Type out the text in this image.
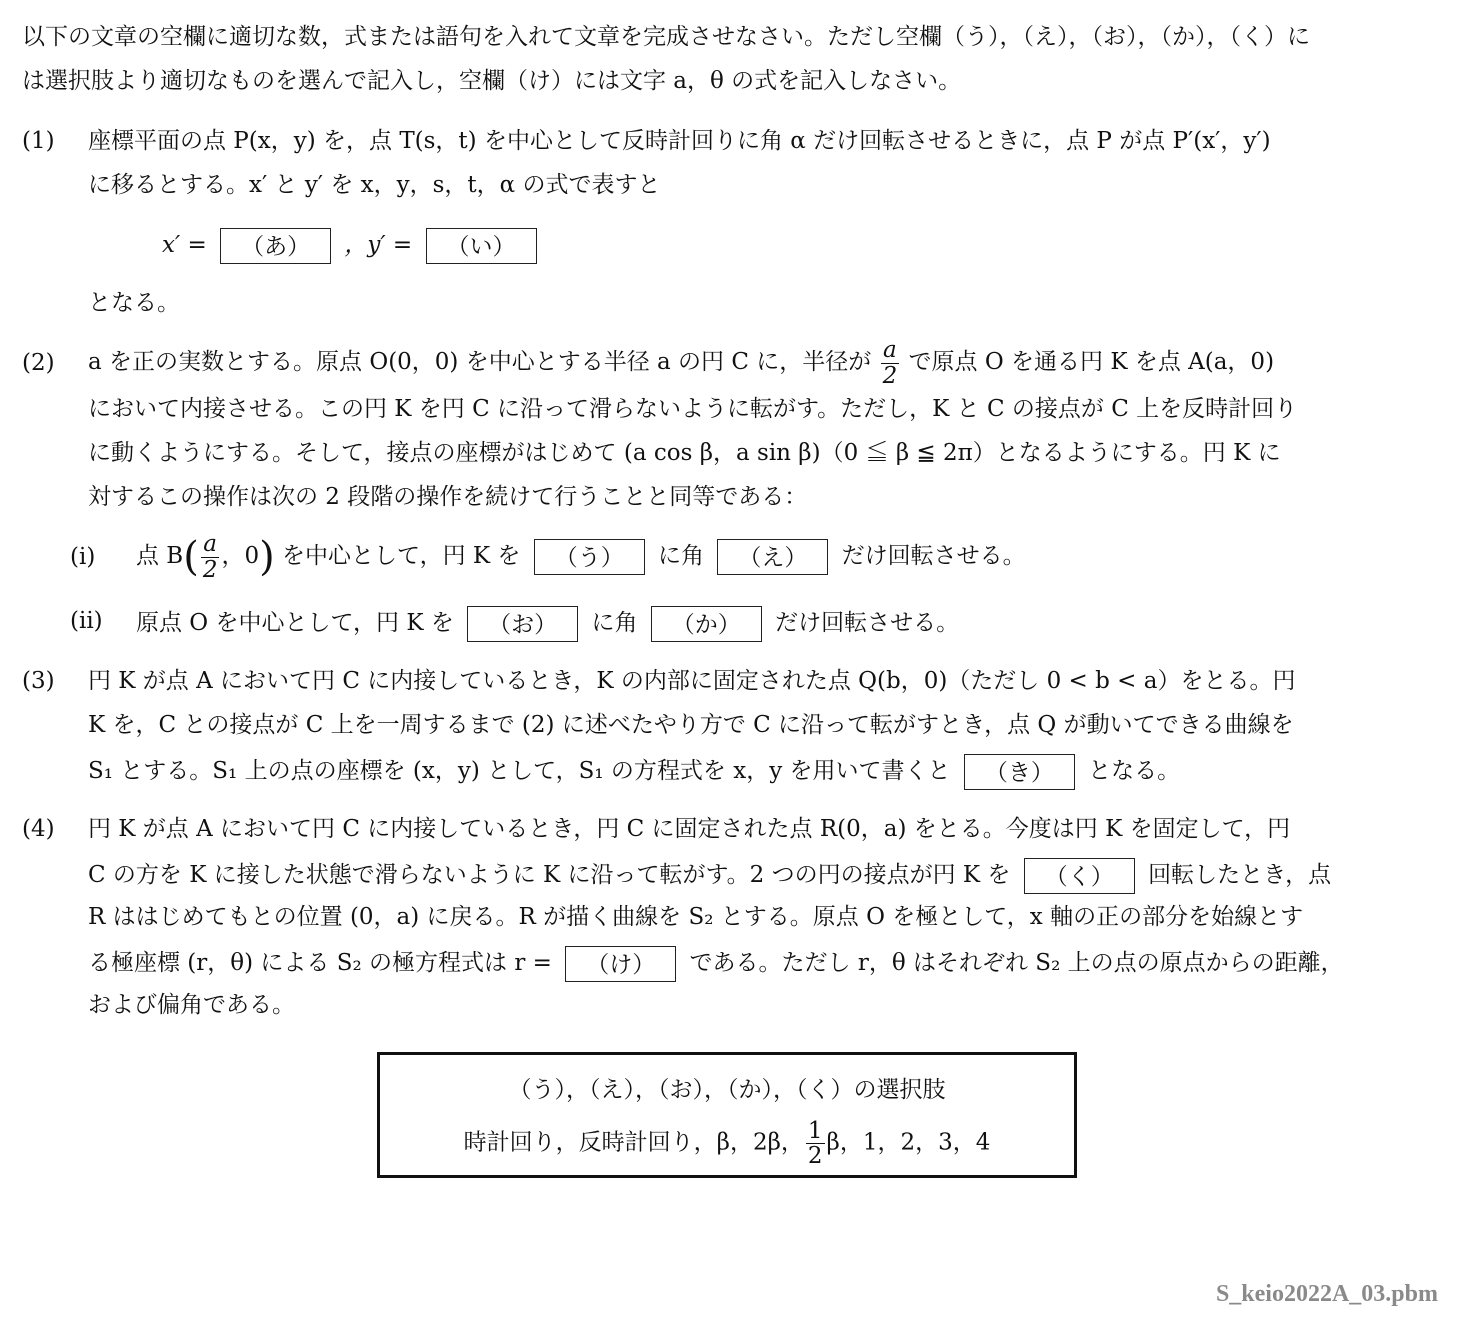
以下の文章の空欄に適切な数，式または語句を入れて文章を完成させなさい。ただし空欄（う），（え），（お），（か），（く）に
は選択肢より適切なものを選んで記入し，空欄（け）には文字 a，θ の式を記入しなさい。
(1) 座標平面の点 P(x，y) を，点 T(s，t) を中心として反時計回りに角 α だけ回転させるときに，点 P が点 P′(x′，y′)
に移るとする。x′ と y′ を x，y，s，t，α の式で表すと
x′ = （あ） ，y′ = （い）
となる。
(2) a を正の実数とする。原点 O(0，0) を中心とする半径 a の円 C に，半径が $\frac{a}{2}$ で原点 O を通る円 K を点 A(a，0)
において内接させる。この円 K を円 C に沿って滑らないように転がす。ただし，K と C の接点が C 上を反時計回り
に動くようにする。そして，接点の座標がはじめて (a cos β，a sin β)（0 ≦ β ≦ 2π）となるようにする。円 K に
対するこの操作は次の 2 段階の操作を続けて行うことと同等である：
(i) 点 $B( \frac{a}{2}$ ，0) を中心として，円 K を （う） に角 （え） だけ回転させる。
(ii) 原点 O を中心として，円 K を （お） に角 （か） だけ回転させる。
(3) 円 K が点 A において円 C に内接しているとき，K の内部に固定された点 Q(b，0)（ただし 0 < b < a）をとる。円
K を，C との接点が C 上を一周するまで (2) に述べたやり方で C に沿って転がすとき，点 Q が動いてできる曲線を
S₁ とする。S₁ 上の点の座標を (x，y) として，S₁ の方程式を x，y を用いて書くと （き） となる。
(4) 円 K が点 A において円 C に内接しているとき，円 C に固定された点 R(0，a) をとる。今度は円 K を固定して，円
C の方を K に接した状態で滑らないように K に沿って転がす。2 つの円の接点が円 K を （く） 回転したとき，点
R ははじめてもとの位置 (0，a) に戻る。R が描く曲線を S₂ とする。原点 O を極として，x 軸の正の部分を始線とす
る極座標 (r，θ) による S₂ の極方程式は r = （け） である。ただし r，θ はそれぞれ S₂ 上の点の原点からの距離，
および偏角である。
（う），（え），（お），（か），（く）の選択肢
時計回り，反時計回り，β，2β， $\frac{1}{2}$ β，1，2，3，4
S_keio2022A_03.pbm
